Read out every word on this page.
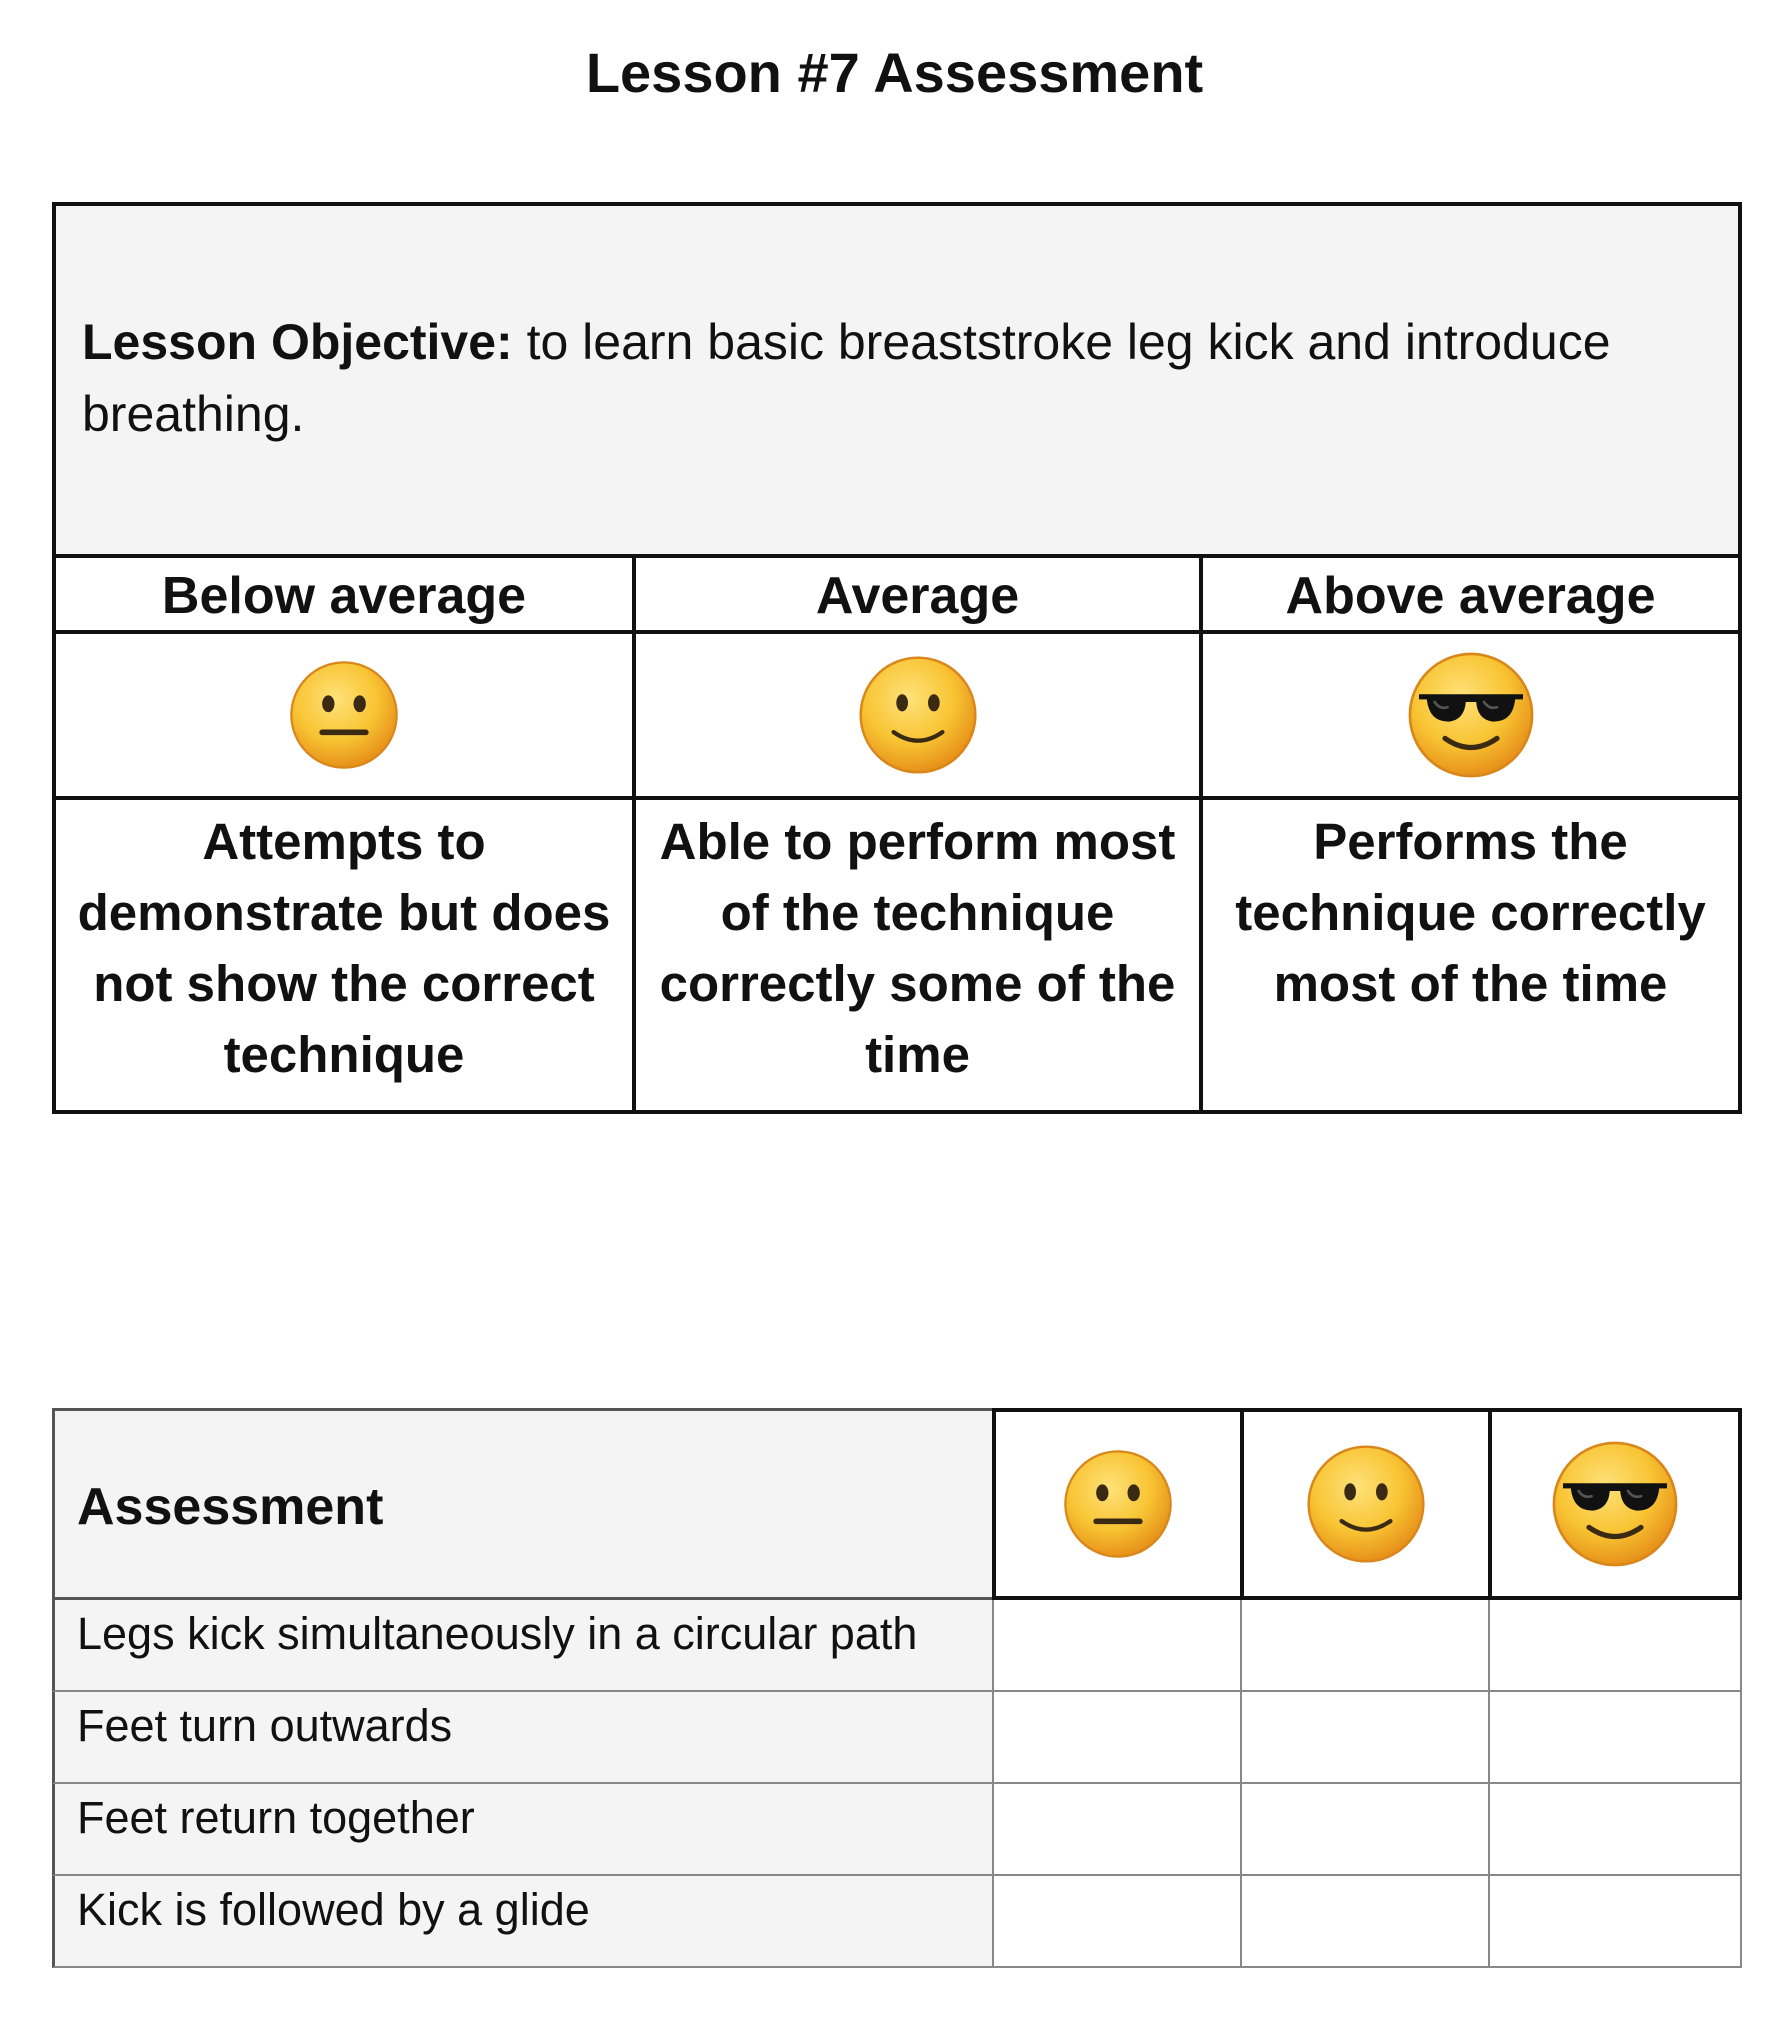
Lesson #7 Assessment
Lesson Objective: to learn basic breaststroke leg kick and introduce breathing.
Below average
Attempts to demonstrate but does not show the correct technique
Average
Able to perform most of the technique correctly some of the time
Above average
Performs the technique correctly most of the time
Assessment
Legs kick simultaneously in a circular path
Feet turn outwards
Feet return together
Kick is followed by a glide
